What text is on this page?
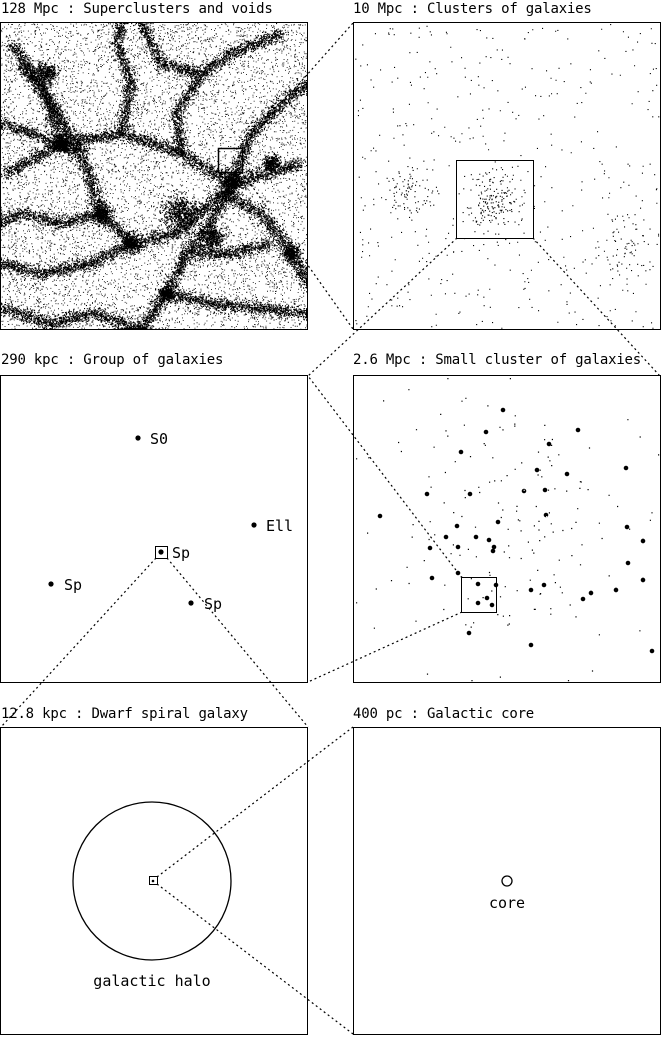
128 Mpc : Superclusters and voids	10 Mpc : Clusters of galaxies
290 kpc : Group of galaxies	2.6 Mpc : Small cluster of galaxies
12.8 kpc : Dwarf spiral galaxy	400 pc : Galactic core
S0
Ell
Sp
Sp
Sp
galactic halo
core
